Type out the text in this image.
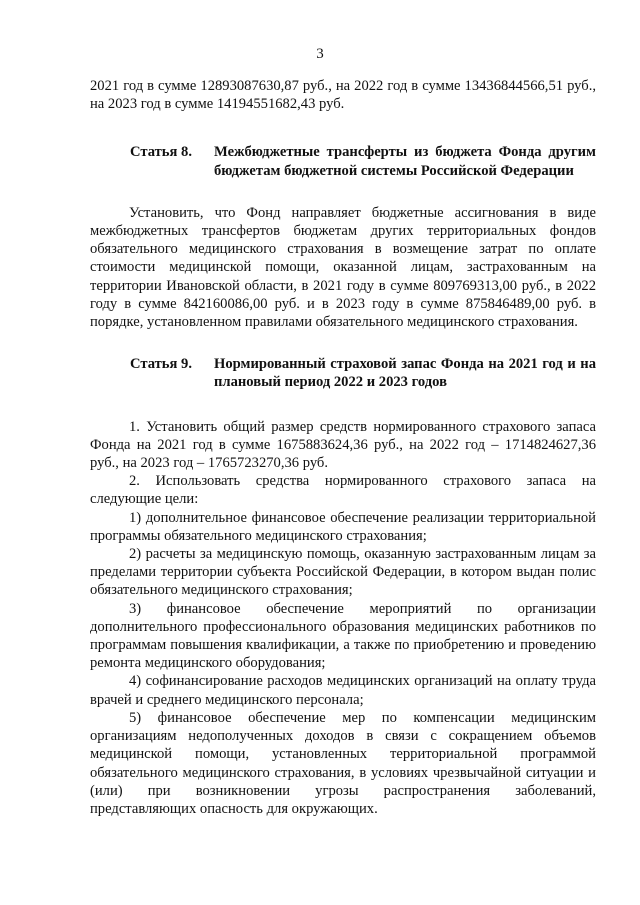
3

2021 год в сумме 12893087630,87 руб., на 2022 год в сумме 13436844566,51 руб., на 2023 год в сумме 14194551682,43 руб.

Статья 8.	Межбюджетные трансферты из бюджета Фонда другим бюджетам бюджетной системы Российской Федерации

Установить, что Фонд направляет бюджетные ассигнования в виде межбюджетных трансфертов бюджетам других территориальных фондов обязательного медицинского страхования в возмещение затрат по оплате стоимости медицинской помощи, оказанной лицам, застрахованным на территории Ивановской области, в 2021 году в сумме 809769313,00 руб., в 2022 году в сумме 842160086,00 руб. и в 2023 году в сумме 875846489,00 руб. в порядке, установленном правилами обязательного медицинского страхования.

Статья 9.	Нормированный страховой запас Фонда на 2021 год и на плановый период 2022 и 2023 годов

1. Установить общий размер средств нормированного страхового запаса Фонда на 2021 год в сумме 1675883624,36 руб., на 2022 год – 1714824627,36 руб., на 2023 год – 1765723270,36 руб.

2. Использовать средства нормированного страхового запаса на следующие цели:

1) дополнительное финансовое обеспечение реализации территориальной программы обязательного медицинского страхования;

2) расчеты за медицинскую помощь, оказанную застрахованным лицам за пределами территории субъекта Российской Федерации, в котором выдан полис обязательного медицинского страхования;

3) финансовое обеспечение мероприятий по организации дополнительного профессионального образования медицинских работников по программам повышения квалификации, а также по приобретению и проведению ремонта медицинского оборудования;

4) софинансирование расходов медицинских организаций на оплату труда врачей и среднего медицинского персонала;

5) финансовое обеспечение мер по компенсации медицинским организациям недополученных доходов в связи с сокращением объемов медицинской помощи, установленных территориальной программой обязательного медицинского страхования, в условиях чрезвычайной ситуации и (или) при возникновении угрозы распространения заболеваний, представляющих опасность для окружающих.
